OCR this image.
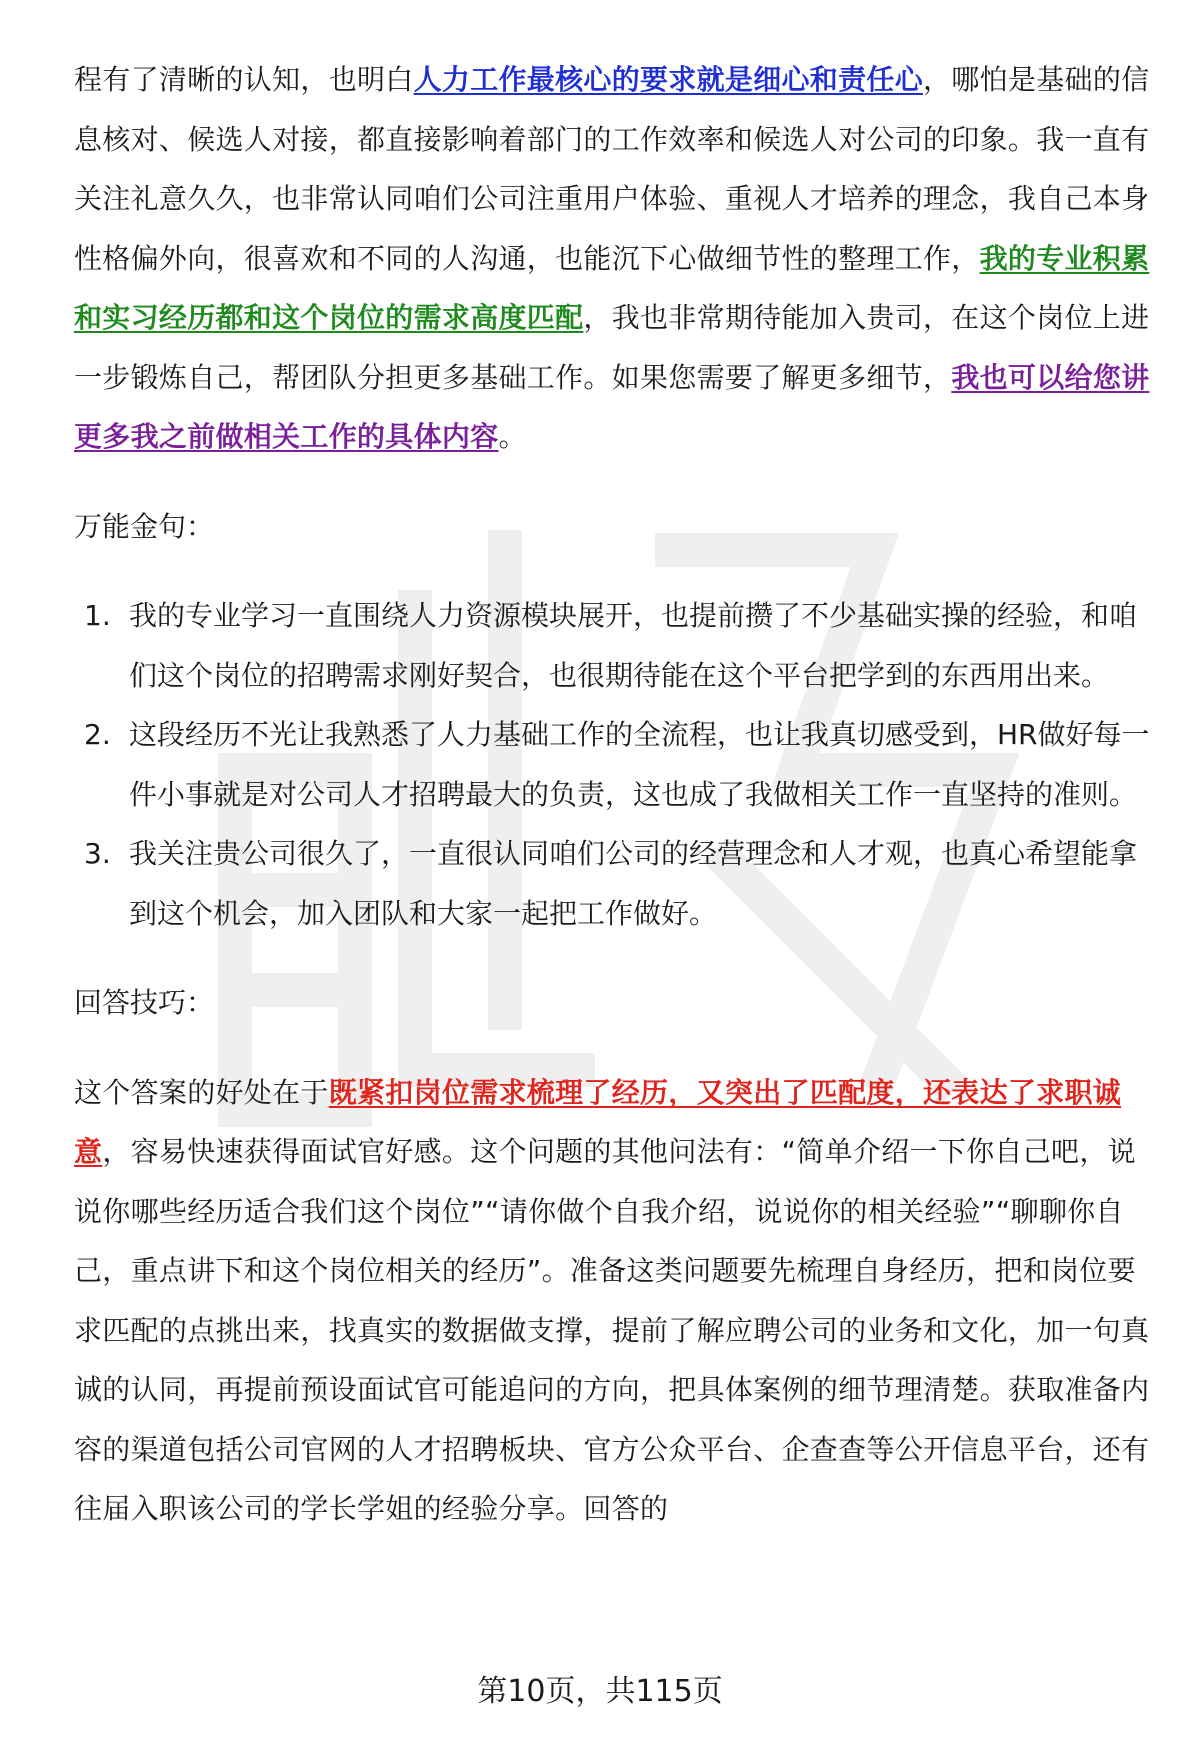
程有了清晰的认知，也明白人力工作最核心的要求就是细心和责任心，哪怕是基础的信息核对、候选人对接，都直接影响着部门的工作效率和候选人对公司的印象。我一直有关注礼意久久，也非常认同咱们公司注重用户体验、重视人才培养的理念，我自己本身性格偏外向，很喜欢和不同的人沟通，也能沉下心做细节性的整理工作，我的专业积累和实习经历都和这个岗位的需求高度匹配，我也非常期待能加入贵司，在这个岗位上进一步锻炼自己，帮团队分担更多基础工作。如果您需要了解更多细节，我也可以给您讲更多我之前做相关工作的具体内容。

万能金句：

1. 我的专业学习一直围绕人力资源模块展开，也提前攒了不少基础实操的经验，和咱们这个岗位的招聘需求刚好契合，也很期待能在这个平台把学到的东西用出来。
2. 这段经历不光让我熟悉了人力基础工作的全流程，也让我真切感受到，HR做好每一件小事就是对公司人才招聘最大的负责，这也成了我做相关工作一直坚持的准则。
3. 我关注贵公司很久了，一直很认同咱们公司的经营理念和人才观，也真心希望能拿到这个机会，加入团队和大家一起把工作做好。

回答技巧：

这个答案的好处在于既紧扣岗位需求梳理了经历，又突出了匹配度，还表达了求职诚意，容易快速获得面试官好感。这个问题的其他问法有：“简单介绍一下你自己吧，说说你哪些经历适合我们这个岗位”“请你做个自我介绍，说说你的相关经验”“聊聊你自己，重点讲下和这个岗位相关的经历”。准备这类问题要先梳理自身经历，把和岗位要求匹配的点挑出来，找真实的数据做支撑，提前了解应聘公司的业务和文化，加一句真诚的认同，再提前预设面试官可能追问的方向，把具体案例的细节理清楚。获取准备内容的渠道包括公司官网的人才招聘板块、官方公众平台、企查查等公开信息平台，还有往届入职该公司的学长学姐的经验分享。回答的

第10页，共115页
